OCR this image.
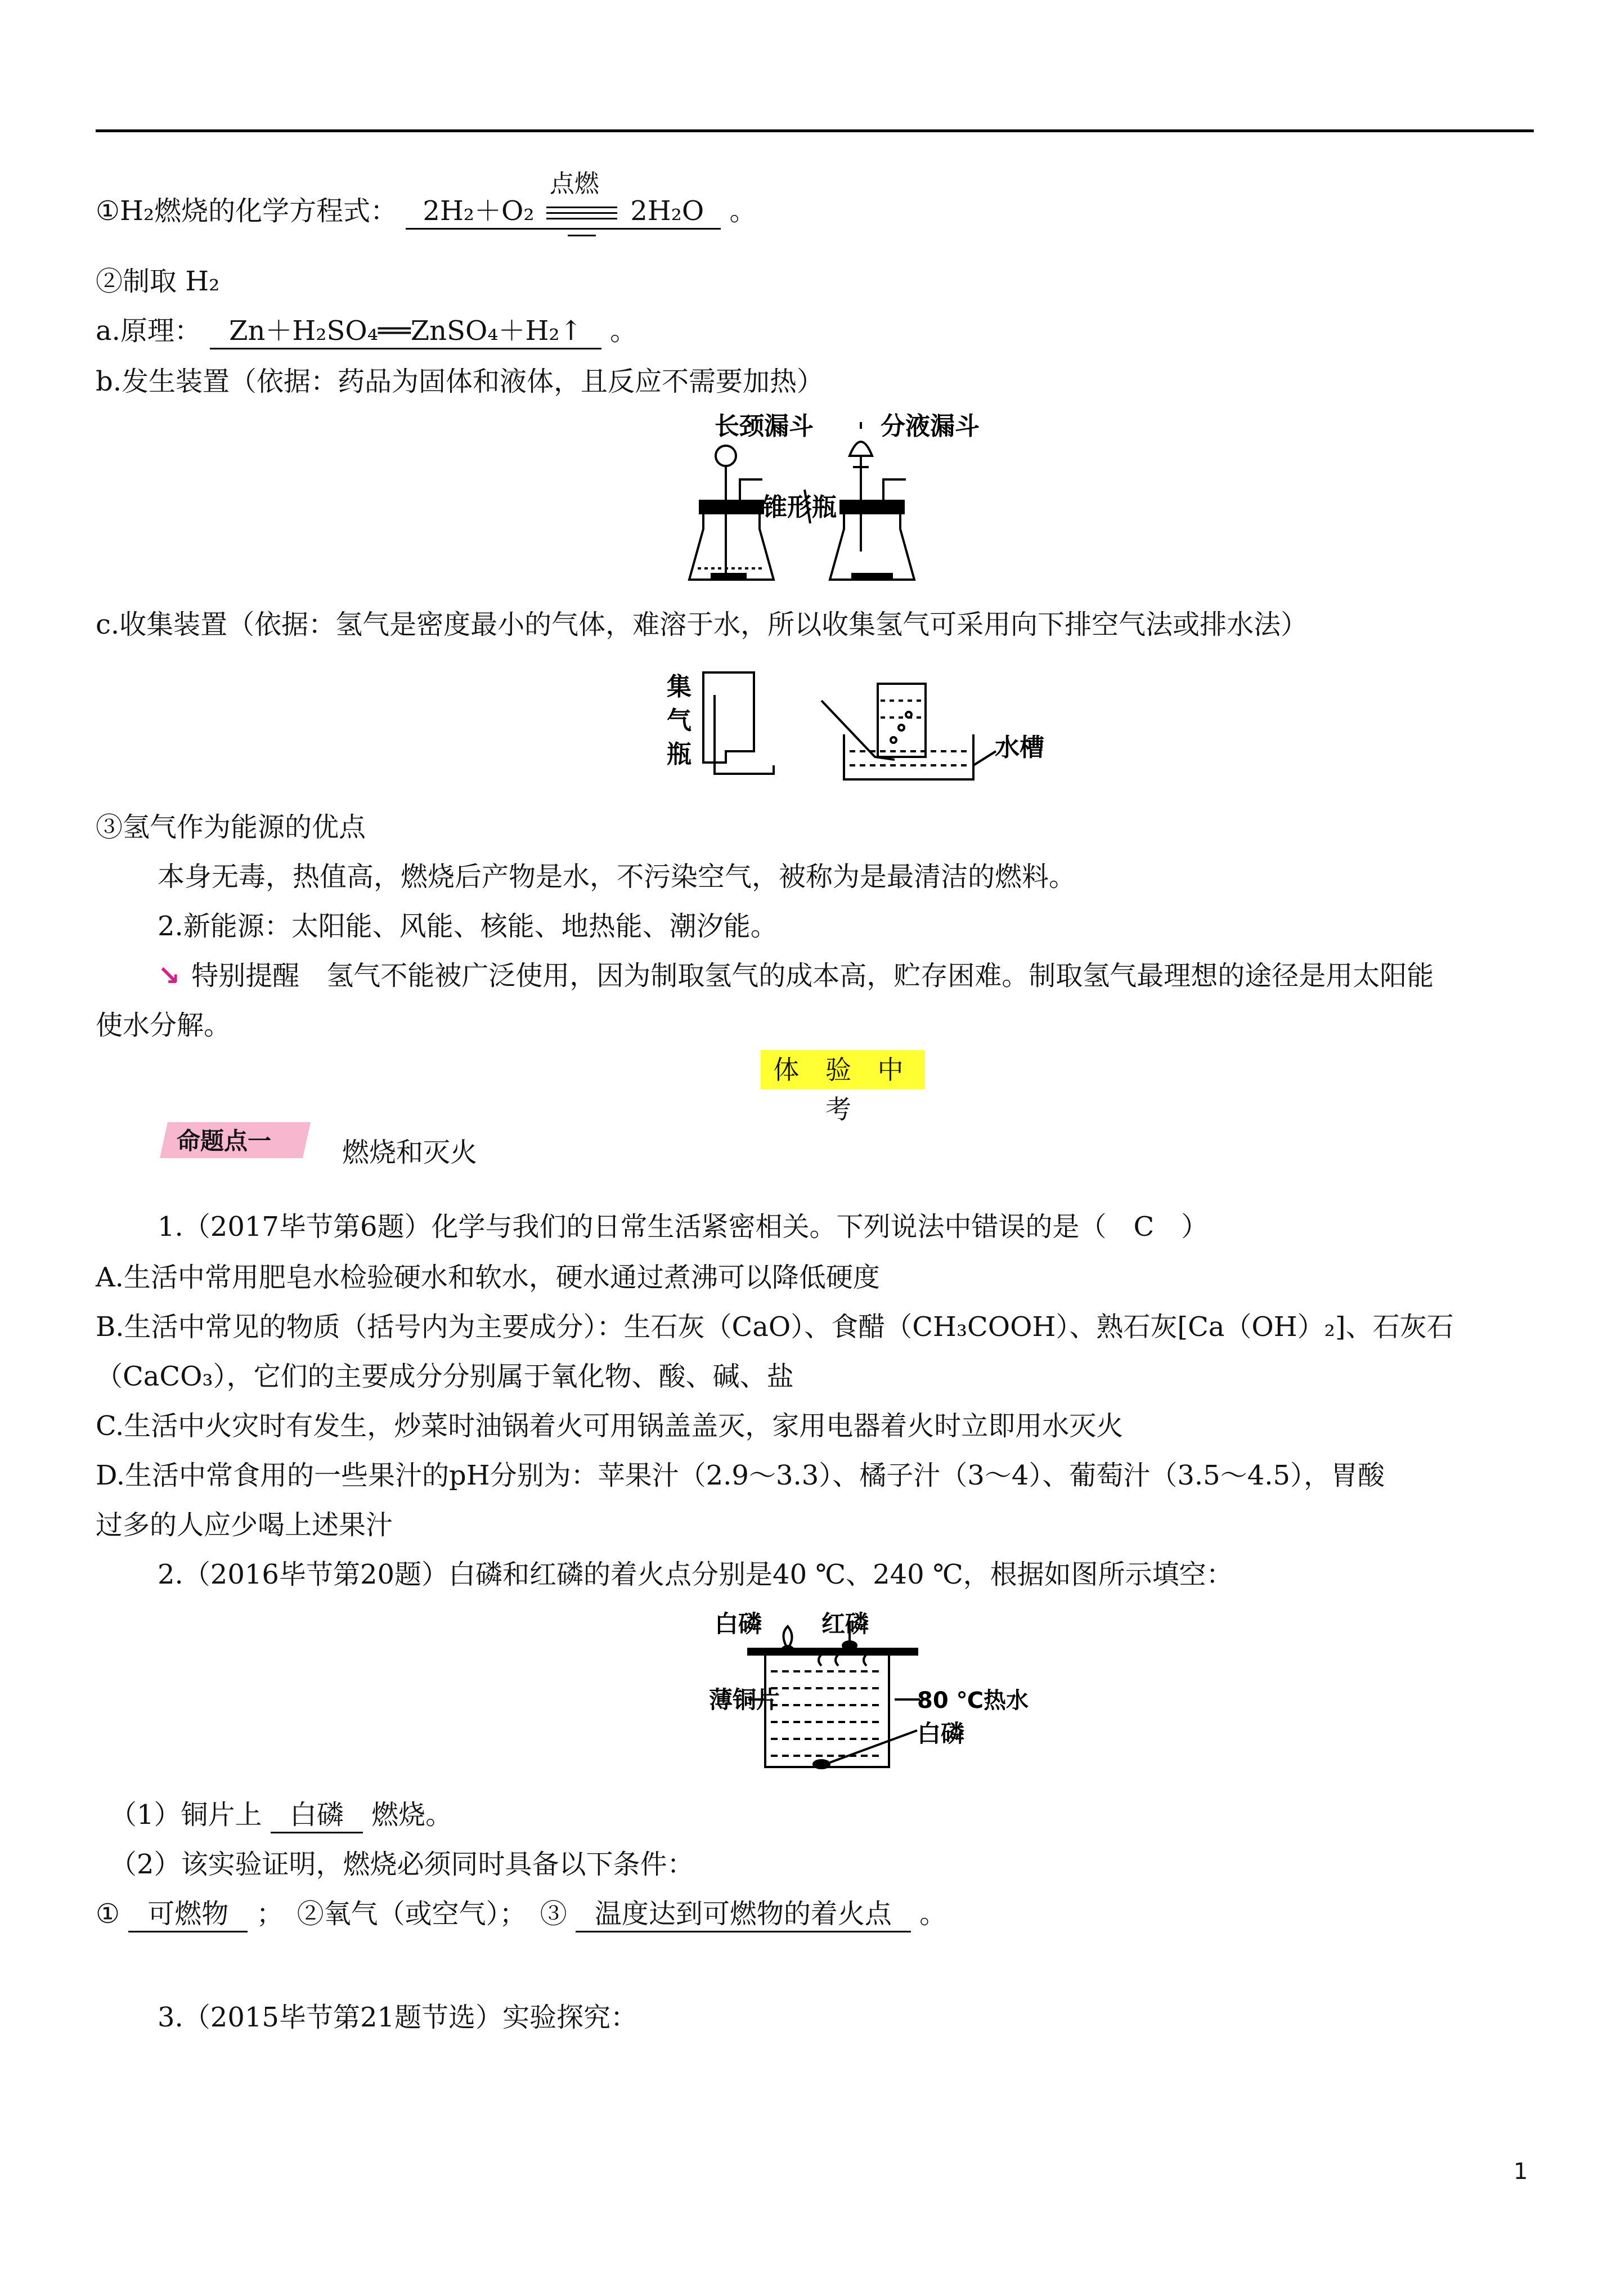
①H₂燃烧的化学方程式： 2H₂＋O₂
点燃
2H₂O 。
②制取 H₂
a.原理： Zn＋H₂SO₄══ZnSO₄＋H₂↑ 。
b.发生装置（依据：药品为固体和液体，且反应不需要加热）
长颈漏斗	分液漏斗
锥形瓶
c.收集装置（依据：氢气是密度最小的气体，难溶于水，所以收集氢气可采用向下排空气法或排水法）
集
气
瓶	水槽
③氢气作为能源的优点
本身无毒，热值高，燃烧后产物是水，不污染空气，被称为是最清洁的燃料。
2.新能源：太阳能、风能、核能、地热能、潮汐能。
↘ 特别提醒　氢气不能被广泛使用，因为制取氢气的成本高，贮存困难。制取氢气最理想的途径是用太阳能
使水分解。
体 验 中 考
命题点一	燃烧和灭火
1.（2017毕节第6题）化学与我们的日常生活紧密相关。下列说法中错误的是（　C　）
A.生活中常用肥皂水检验硬水和软水，硬水通过煮沸可以降低硬度
B.生活中常见的物质（括号内为主要成分）：生石灰（CaO）、食醋（CH₃COOH）、熟石灰[Ca（OH）₂]、石灰石
（CaCO₃），它们的主要成分分别属于氧化物、酸、碱、盐
C.生活中火灾时有发生，炒菜时油锅着火可用锅盖盖灭，家用电器着火时立即用水灭火
D.生活中常食用的一些果汁的pH分别为：苹果汁（2.9～3.3）、橘子汁（3～4）、葡萄汁（3.5～4.5），胃酸
过多的人应少喝上述果汁
2.（2016毕节第20题）白磷和红磷的着火点分别是40 ℃、240 ℃，根据如图所示填空：
白磷	红磷
薄铜片	80 ℃热水
白磷
（1）铜片上 白磷 燃烧。
（2）该实验证明，燃烧必须同时具备以下条件：
① 可燃物 ；　②氧气（或空气）；　③ 温度达到可燃物的着火点 。
3.（2015毕节第21题节选）实验探究：
1
